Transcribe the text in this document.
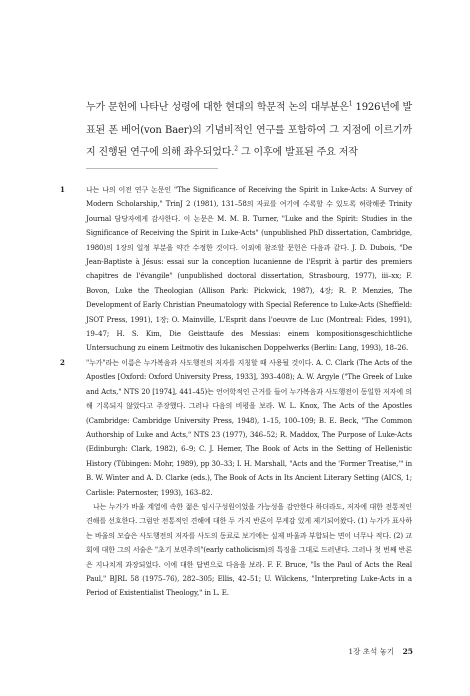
누가 문헌에 나타난 성령에 대한 현대의 학문적 논의 대부분은$^1$ 1926년에 발표된 폰 베어(von Baer)의 기념비적인 연구를 포함하여 그 지점에 이르기까지 진행된 연구에 의해 좌우되었다.$^2$ 그 이후에 발표된 주요 저작

1	나는 나의 이전 연구 논문인 "The Significance of Receiving the Spirit in Luke-Acts: A Survey of Modern Scholarship," TrinJ 2 (1981), 131–58의 자료를 여기에 수록할 수 있도록 허락해준 Trinity Journal 담당자에게 감사한다. 이 논문은 M. M. B. Turner, "Luke and the Spirit: Studies in the Significance of Receiving the Spirit in Luke-Acts" (unpublished PhD dissertation, Cambridge, 1980)의 1장의 일정 부분을 약간 수정한 것이다. 이외에 참조할 문헌은 다음과 같다. J. D. Dubois, "De Jean-Baptiste à Jésus: essai sur la conception lucanienne de l'Esprit à partir des premiers chapitres de l'évangile" (unpublished doctoral dissertation, Strasbourg, 1977), iii–xx; F. Bovon, Luke the Theologian (Allison Park: Pickwick, 1987), 4장; R. P. Menzies, The Development of Early Christian Pneumatology with Special Reference to Luke-Acts (Sheffield: JSOT Press, 1991), 1장; O. Mainville, L'Esprit dans l'oeuvre de Luc (Montreal: Fides, 1991), 19–47; H. S. Kim, Die Geisttaufe des Messias: einem kompositionsgeschichtliche Untersuchung zu einem Leitmotiv des lukanischen Doppelwerks (Berlin: Lang, 1993), 18–26.

2	"누가"라는 이름은 누가복음과 사도행전의 저자를 지칭할 때 사용될 것이다. A. C. Clark (The Acts of the Apostles [Oxford: Oxford University Press, 1933], 393–408); A. W. Argyle ("The Greek of Luke and Acts," NTS 20 [1974], 441–45)는 언어학적인 근거를 들어 누가복음과 사도행전이 동일한 저자에 의해 기록되지 않았다고 주장했다. 그러나 다음의 비평을 보라. W. L. Knox, The Acts of the Apostles (Cambridge: Cambridge University Press, 1948), 1–15, 100–109; B. E. Beck, "The Common Authorship of Luke and Acts," NTS 23 (1977), 346–52; R. Maddox, The Purpose of Luke-Acts (Edinburgh: Clark, 1982), 6–9; C. J. Hemer, The Book of Acts in the Setting of Hellenistic History (Tübingen: Mohr, 1989), pp 30–33; I. H. Marshall, "Acts and the 'Former Treatise,'" in B. W. Winter and A. D. Clarke (eds.), The Book of Acts in Its Ancient Literary Setting (AICS, 1; Carlisle: Paternoster, 1993), 163–82.

나는 누가가 바울 계열에 속한 젊은 임시구성원이었을 가능성을 감안한다 하더라도, 저자에 대한 전통적인 견해를 선호한다. 그럼안 전통적인 견해에 대한 두 가지 반론이 무게감 있게 제기되어왔다. (1) 누가가 표사하는 바울의 모습은 사도행전의 저자를 사도의 동료로 보기에는 실제 바울과 부합되는 면이 너무나 적다. (2) 교회에 대한 그의 서술은 "초기 보편주의"(early catholicism)의 특징을 그대로 드러낸다. 그러나 첫 번째 반론은 지나치게 과장되었다. 이에 대한 답변으로 다음을 보라. F. F. Bruce, "Is the Paul of Acts the Real Paul," BJRL 58 (1975–76), 282–305; Ellis, 42–51; U. Wilckens, "Interpreting Luke-Acts in a Period of Existentialist Theology," in L. E.

1장 초석 놓기 25
